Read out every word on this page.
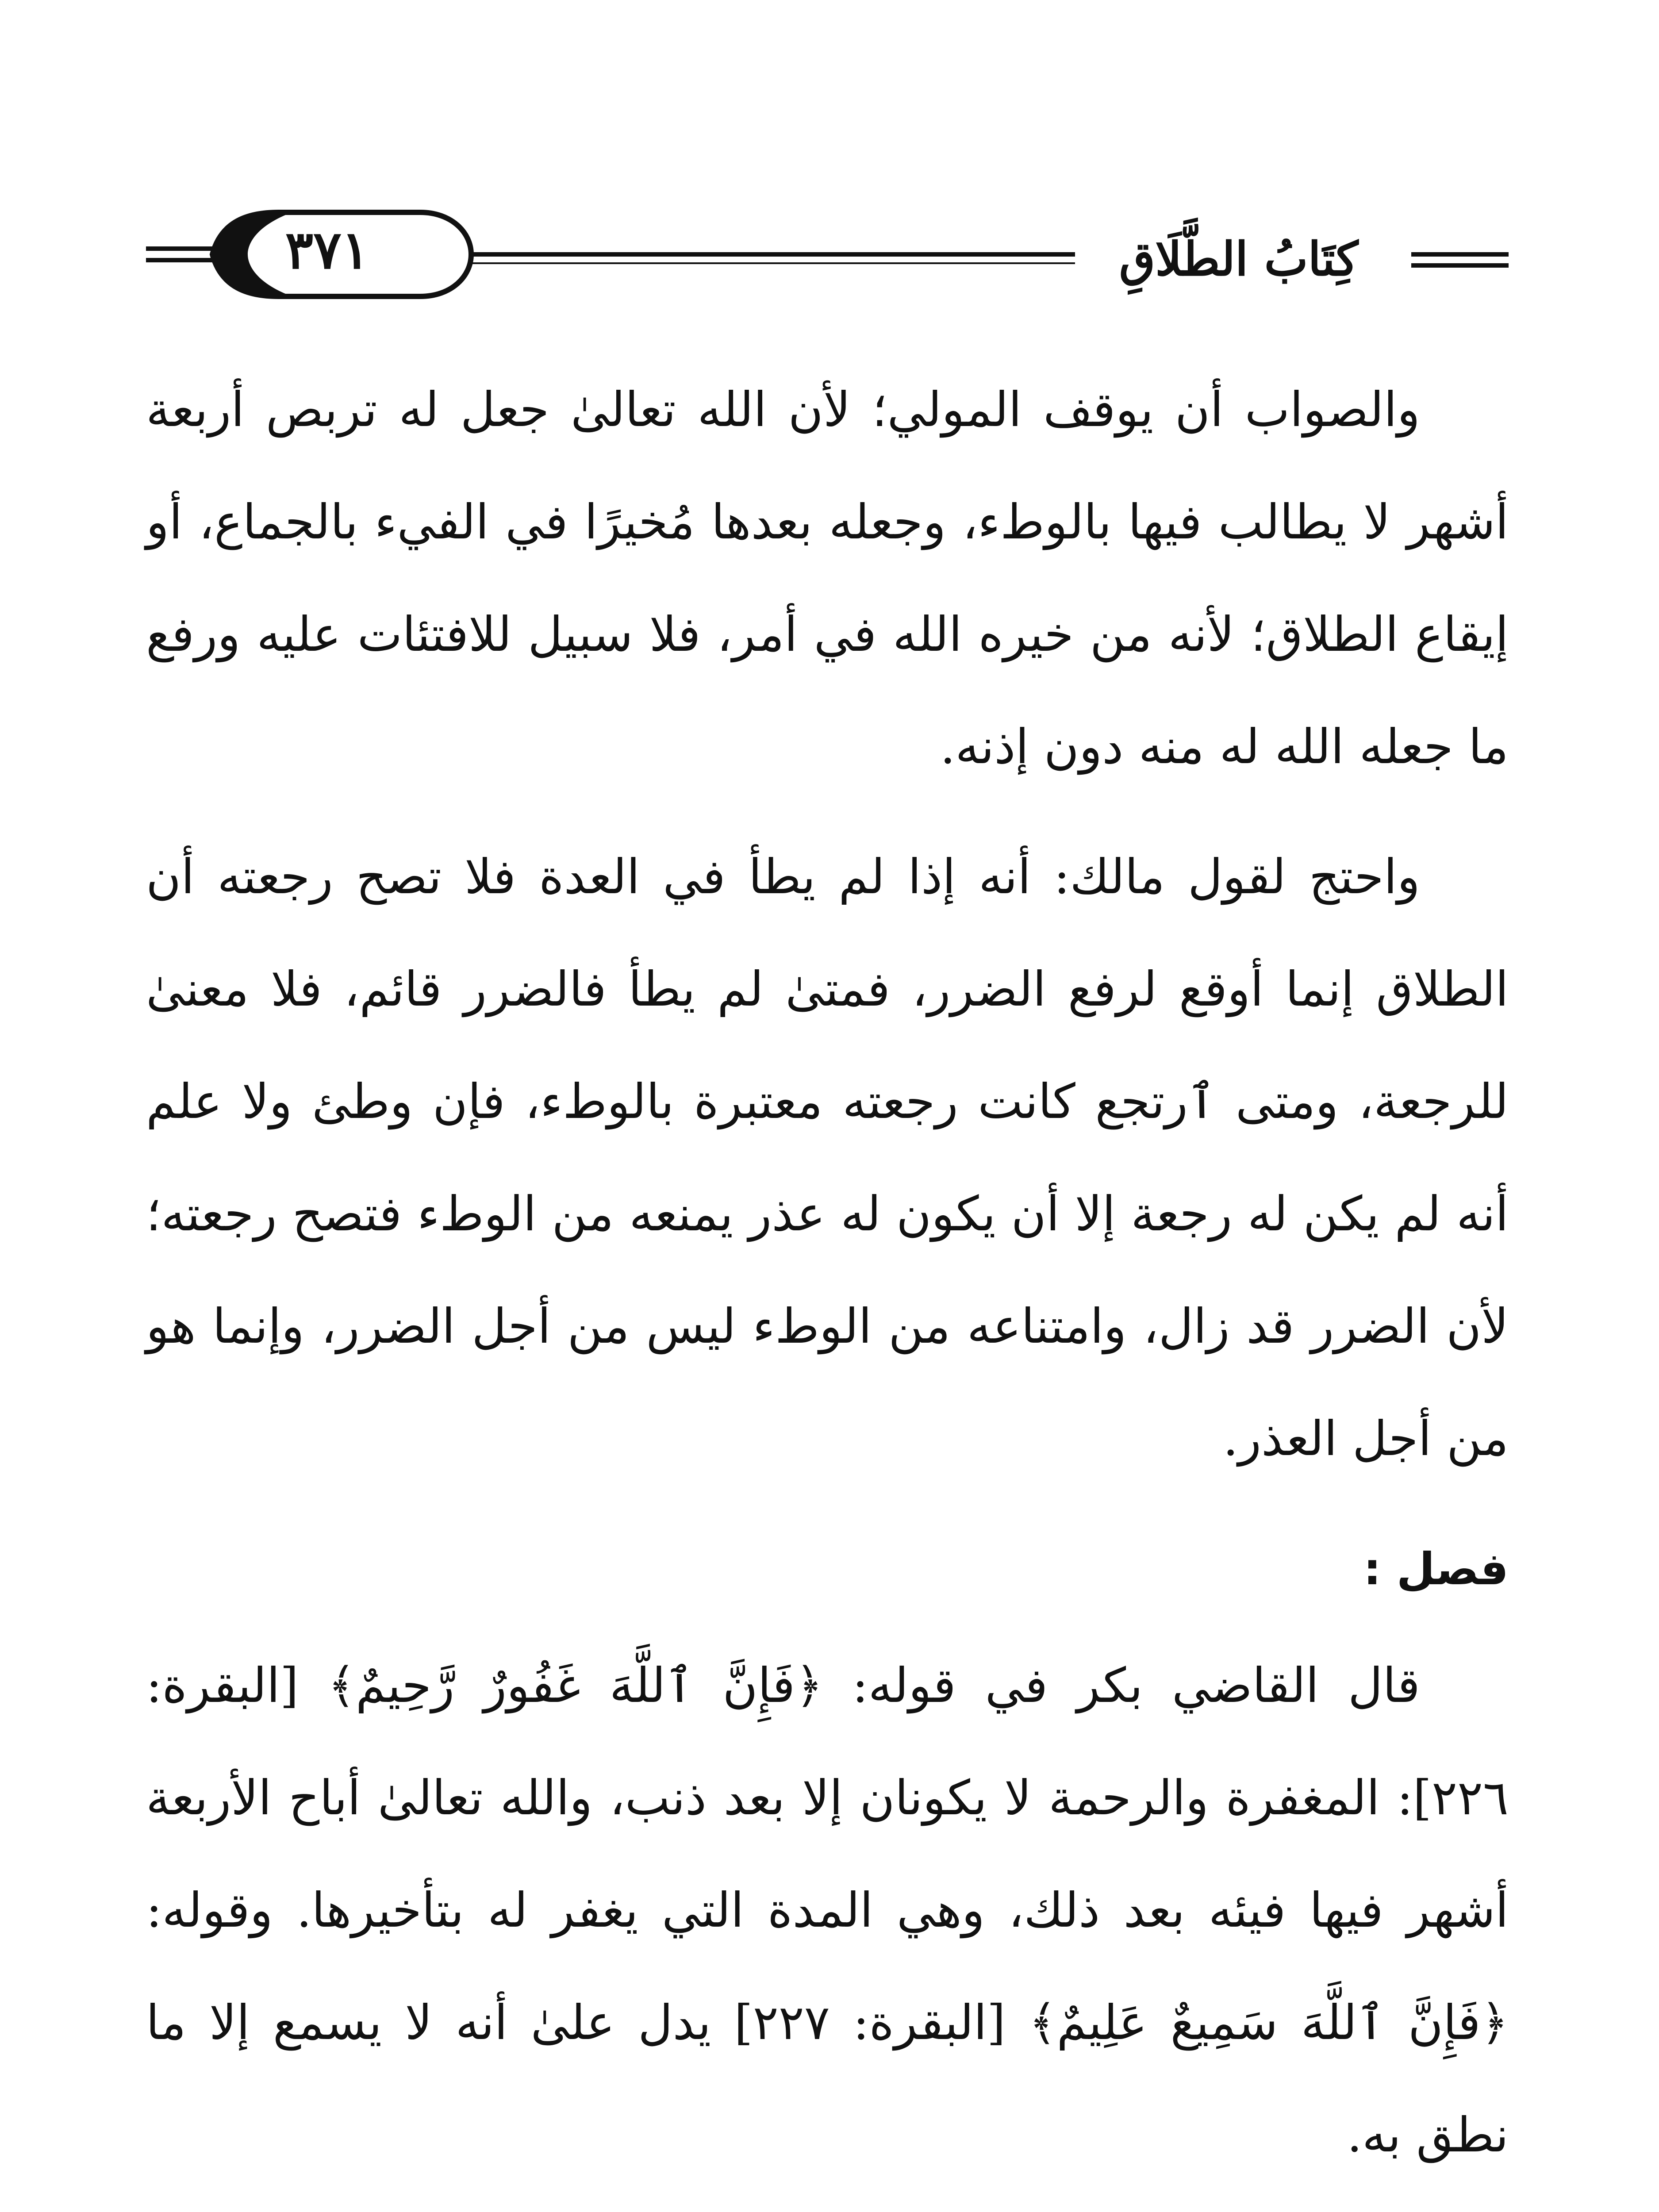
٣٧١	كِتَابُ الطَّلَاقِ

والصواب أن يوقف المولي؛ لأن الله تعالىٰ جعل له تربص أربعة أشهر لا يطالب فيها بالوطء، وجعله بعدها مُخيرًا في الفيء بالجماع، أو إيقاع الطلاق؛ لأنه من خيره الله في أمر، فلا سبيل للافتئات عليه ورفع ما جعله الله له منه دون إذنه.

واحتج لقول مالك: أنه إذا لم يطأ في العدة فلا تصح رجعته أن الطلاق إنما أوقع لرفع الضرر، فمتىٰ لم يطأ فالضرر قائم، فلا معنىٰ للرجعة، ومتى ٱرتجع كانت رجعته معتبرة بالوطء، فإن وطئ ولا علم أنه لم يكن له رجعة إلا أن يكون له عذر يمنعه من الوطء فتصح رجعته؛ لأن الضرر قد زال، وامتناعه من الوطء ليس من أجل الضرر، وإنما هو من أجل العذر.

فصل :

قال القاضي بكر في قوله: ﴿فَإِنَّ ٱللَّهَ غَفُورٌ رَّحِيمٌ﴾ [البقرة: ٢٢٦]: المغفرة والرحمة لا يكونان إلا بعد ذنب، والله تعالىٰ أباح الأربعة أشهر فيها فيئه بعد ذلك، وهي المدة التي يغفر له بتأخيرها. وقوله: ﴿فَإِنَّ ٱللَّهَ سَمِيعٌ عَلِيمٌ﴾ [البقرة: ٢٢٧] يدل علىٰ أنه لا يسمع إلا ما نطق به.
